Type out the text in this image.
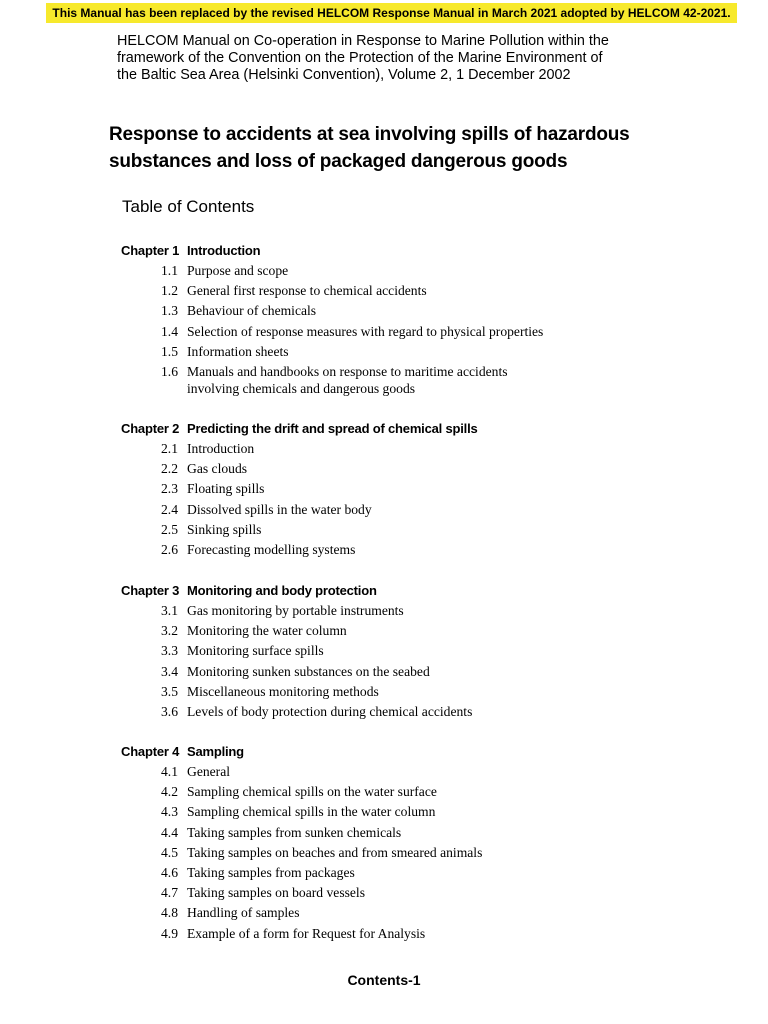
This Manual has been replaced by the revised HELCOM Response Manual in March 2021 adopted by HELCOM 42-2021.
HELCOM Manual on Co-operation in Response to Marine Pollution within the
framework of the Convention on the Protection of the Marine Environment of
the Baltic Sea Area (Helsinki Convention), Volume 2, 1 December 2002
Response to accidents at sea involving spills of hazardous
substances and loss of packaged dangerous goods
Table of Contents
Chapter 1 Introduction
1.1 Purpose and scope
1.2 General first response to chemical accidents
1.3 Behaviour of chemicals
1.4 Selection of response measures with regard to physical properties
1.5 Information sheets
1.6 Manuals and handbooks on response to maritime accidents
involving chemicals and dangerous goods
Chapter 2 Predicting the drift and spread of chemical spills
2.1 Introduction
2.2 Gas clouds
2.3 Floating spills
2.4 Dissolved spills in the water body
2.5 Sinking spills
2.6 Forecasting modelling systems
Chapter 3 Monitoring and body protection
3.1 Gas monitoring by portable instruments
3.2 Monitoring the water column
3.3 Monitoring surface spills
3.4 Monitoring sunken substances on the seabed
3.5 Miscellaneous monitoring methods
3.6 Levels of body protection during chemical accidents
Chapter 4 Sampling
4.1 General
4.2 Sampling chemical spills on the water surface
4.3 Sampling chemical spills in the water column
4.4 Taking samples from sunken chemicals
4.5 Taking samples on beaches and from smeared animals
4.6 Taking samples from packages
4.7 Taking samples on board vessels
4.8 Handling of samples
4.9 Example of a form for Request for Analysis
Contents-1
